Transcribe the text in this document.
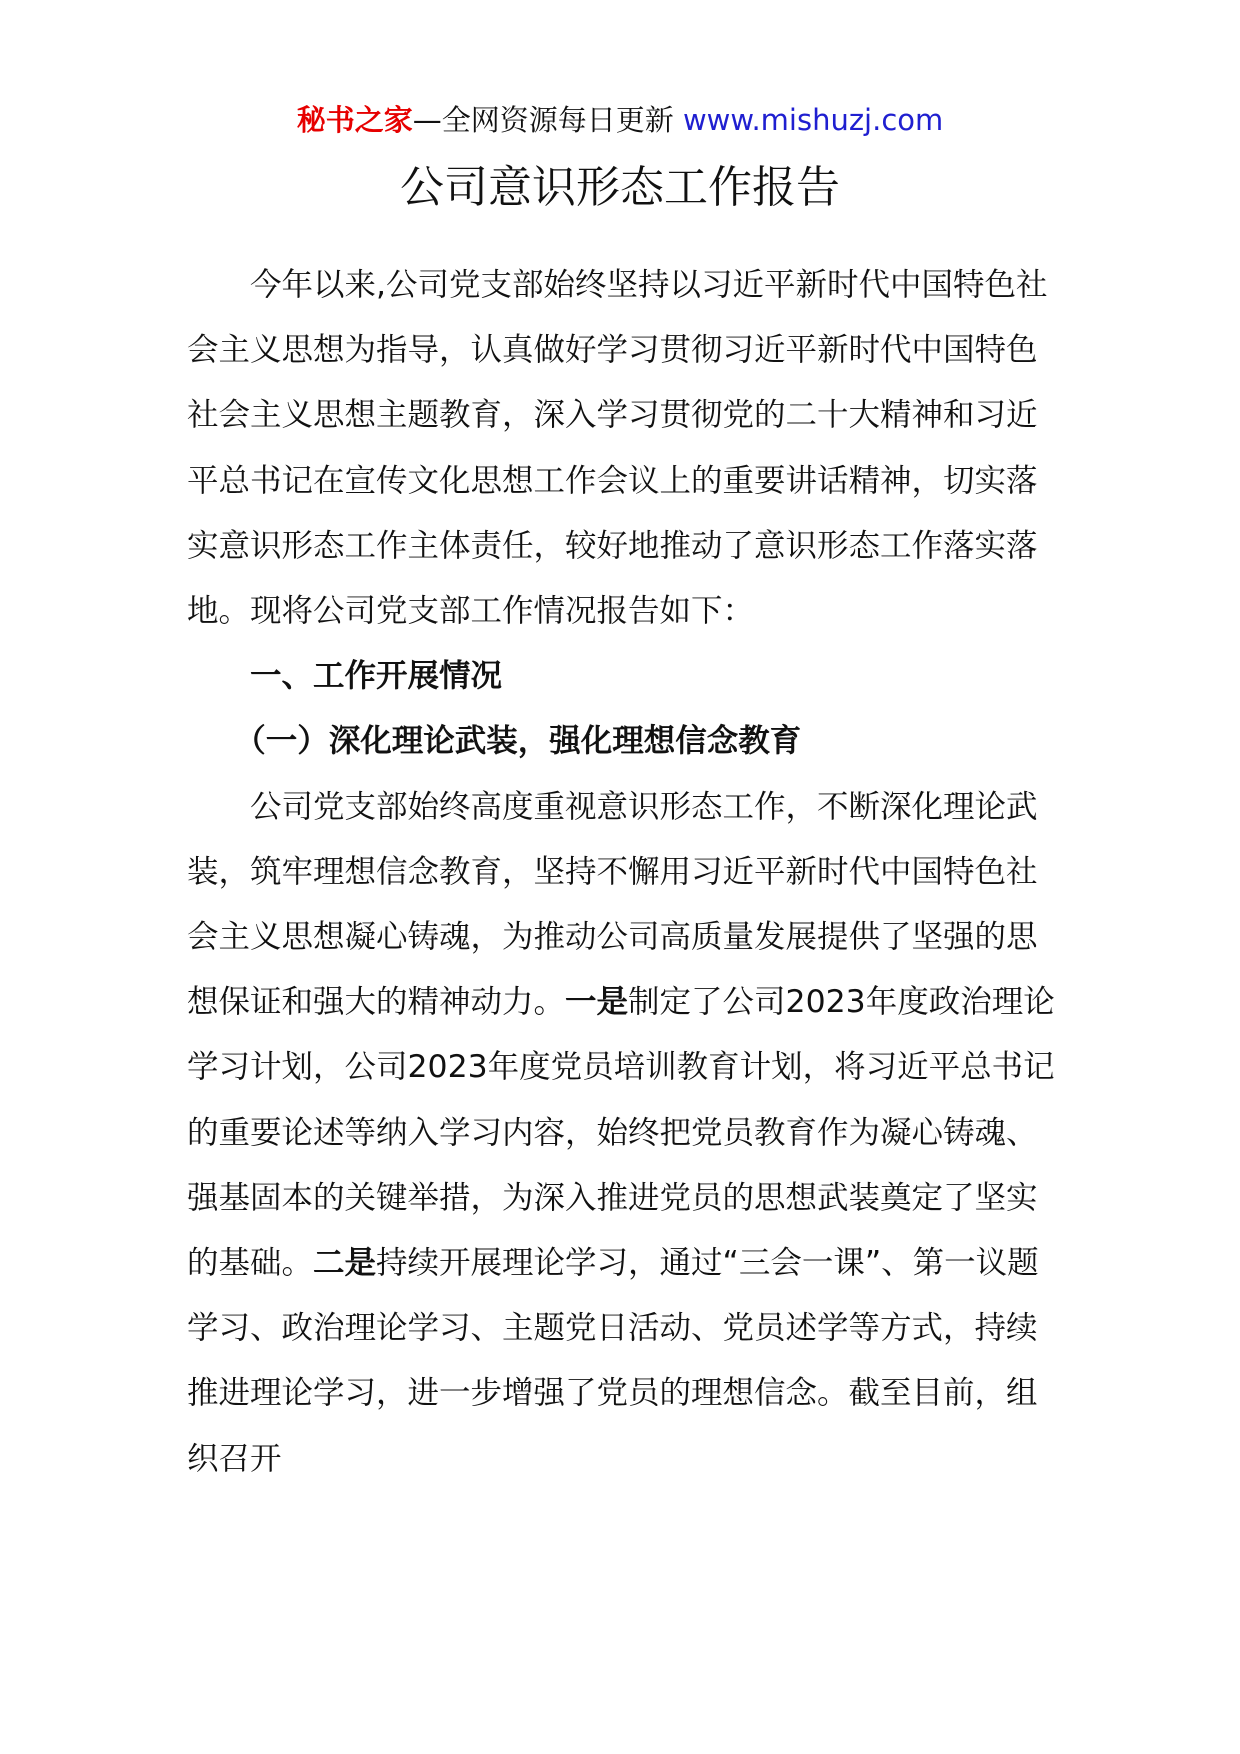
秘书之家—全网资源每日更新 www.mishuzj.com
公司意识形态工作报告

今年以来,公司党支部始终坚持以习近平新时代中国特色社会主义思想为指导，认真做好学习贯彻习近平新时代中国特色社会主义思想主题教育，深入学习贯彻党的二十大精神和习近平总书记在宣传文化思想工作会议上的重要讲话精神，切实落实意识形态工作主体责任，较好地推动了意识形态工作落实落地。现将公司党支部工作情况报告如下：

一、工作开展情况

（一）深化理论武装，强化理想信念教育

公司党支部始终高度重视意识形态工作，不断深化理论武装，筑牢理想信念教育，坚持不懈用习近平新时代中国特色社会主义思想凝心铸魂，为推动公司高质量发展提供了坚强的思想保证和强大的精神动力。一是制定了公司2023年度政治理论学习计划，公司2023年度党员培训教育计划，将习近平总书记的重要论述等纳入学习内容，始终把党员教育作为凝心铸魂、强基固本的关键举措，为深入推进党员的思想武装奠定了坚实的基础。二是持续开展理论学习，通过“三会一课”、第一议题学习、政治理论学习、主题党日活动、党员述学等方式，持续推进理论学习，进一步增强了党员的理想信念。截至目前，组织召开
